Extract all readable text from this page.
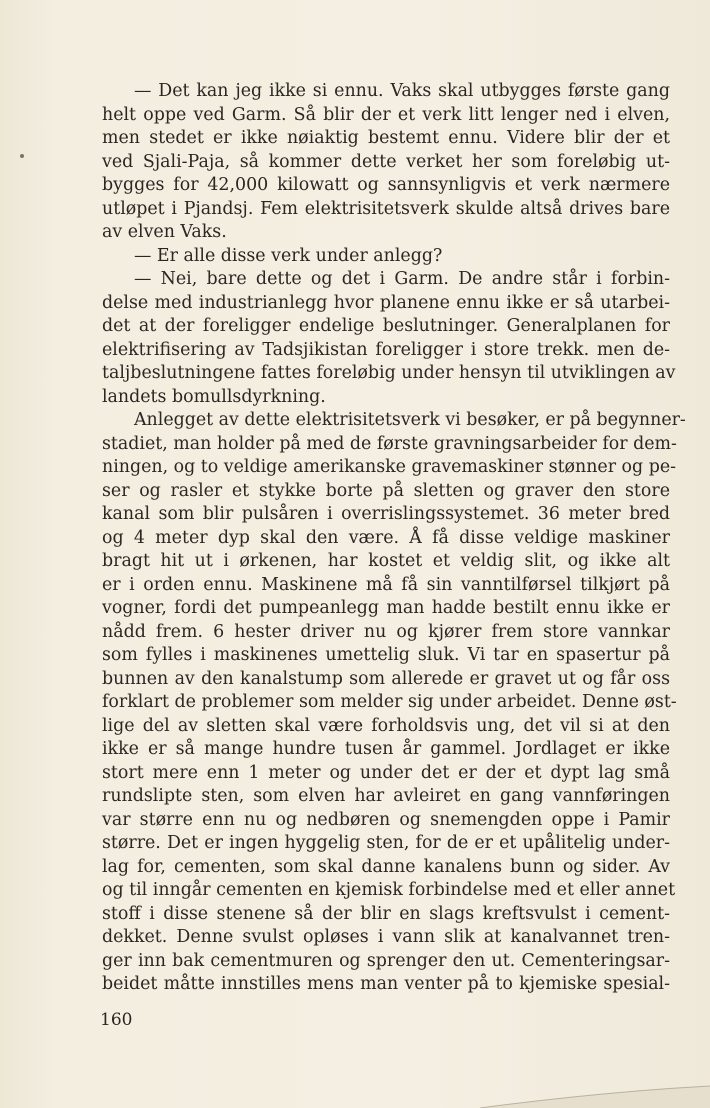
— Det kan jeg ikke si ennu. Vaks skal utbygges første gang
helt oppe ved Garm. Så blir der et verk litt lenger ned i elven,
men stedet er ikke nøiaktig bestemt ennu. Videre blir der et
ved Sjali-Paja, så kommer dette verket her som foreløbig ut-
bygges for 42,000 kilowatt og sannsynligvis et verk nærmere
utløpet i Pjandsj. Fem elektrisitetsverk skulde altså drives bare
av elven Vaks.
— Er alle disse verk under anlegg?
— Nei, bare dette og det i Garm. De andre står i forbin-
delse med industrianlegg hvor planene ennu ikke er så utarbei-
det at der foreligger endelige beslutninger. Generalplanen for
elektrifisering av Tadsjikistan foreligger i store trekk. men de-
taljbeslutningene fattes foreløbig under hensyn til utviklingen av
landets bomullsdyrkning.
Anlegget av dette elektrisitetsverk vi besøker, er på begynner-
stadiet, man holder på med de første gravningsarbeider for dem-
ningen, og to veldige amerikanske gravemaskiner stønner og pe-
ser og rasler et stykke borte på sletten og graver den store
kanal som blir pulsåren i overrislingssystemet. 36 meter bred
og 4 meter dyp skal den være. Å få disse veldige maskiner
bragt hit ut i ørkenen, har kostet et veldig slit, og ikke alt
er i orden ennu. Maskinene må få sin vanntilførsel tilkjørt på
vogner, fordi det pumpeanlegg man hadde bestilt ennu ikke er
nådd frem. 6 hester driver nu og kjører frem store vannkar
som fylles i maskinenes umettelig sluk. Vi tar en spasertur på
bunnen av den kanalstump som allerede er gravet ut og får oss
forklart de problemer som melder sig under arbeidet. Denne øst-
lige del av sletten skal være forholdsvis ung, det vil si at den
ikke er så mange hundre tusen år gammel. Jordlaget er ikke
stort mere enn 1 meter og under det er der et dypt lag små
rundslipte sten, som elven har avleiret en gang vannføringen
var større enn nu og nedbøren og snemengden oppe i Pamir
større. Det er ingen hyggelig sten, for de er et upålitelig under-
lag for, cementen, som skal danne kanalens bunn og sider. Av
og til inngår cementen en kjemisk forbindelse med et eller annet
stoff i disse stenene så der blir en slags kreftsvulst i cement-
dekket. Denne svulst opløses i vann slik at kanalvannet tren-
ger inn bak cementmuren og sprenger den ut. Cementeringsar-
beidet måtte innstilles mens man venter på to kjemiske spesial-
160
